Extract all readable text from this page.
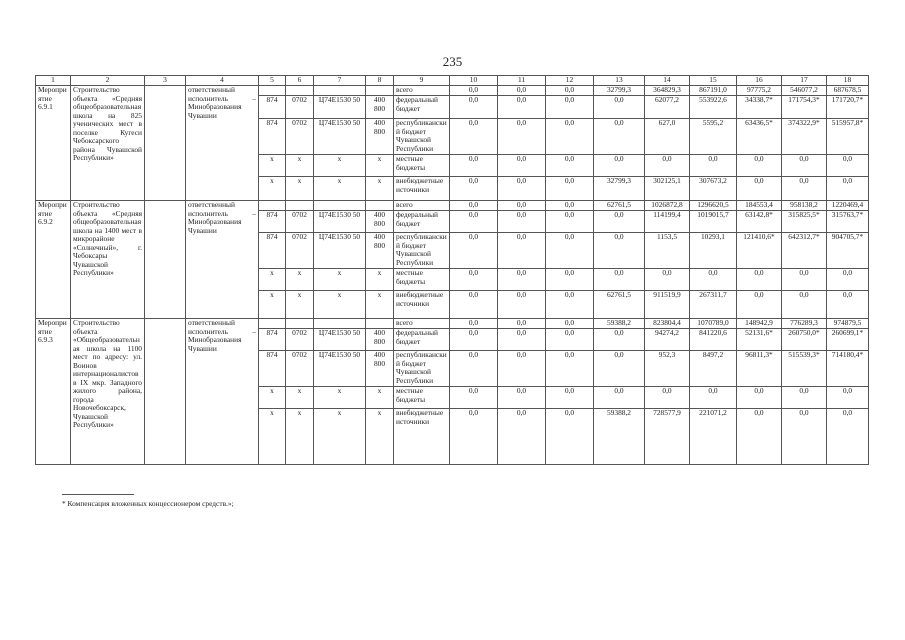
235
1	2	3	4	5	6	7	8	9	10	11	12	13	14	15	16	17	18
Мероприятие 6.9.1	Строительство объекта «Средняя общеобразовательная школа на 825 ученических мест в поселке Кугеси Чебоксарского района Чувашской Республики»		ответственный исполнитель – Минобразования Чувашии					всего	0,0	0,0	0,0	32799,3	364829,3	867191,0	97775,2	546077,2	687678,5
				874	0702	Ц74Е1530 50	400 800	федеральный бюджет	0,0	0,0	0,0	0,0	62077,2	553922,6	34338,7*	171754,3*	171720,7*
				874	0702	Ц74Е1530 50	400 800	республиканский бюджет Чувашской Республики	0,0	0,0	0,0	0,0	627,0	5595,2	63436,5*	374322,9*	515957,8*
				х	х	х	х	местные бюджеты	0,0	0,0	0,0	0,0	0,0	0,0	0,0	0,0	0,0
				х	х	х	х	внебюджетные источники	0,0	0,0	0,0	32799,3	302125,1	307673,2	0,0	0,0	0,0
Мероприятие 6.9.2	Строительство объекта «Средняя общеобразовательная школа на 1400 мест в микрорайоне «Солнечный», г. Чебоксары Чувашской Республики»		ответственный исполнитель – Минобразования Чувашии					всего	0,0	0,0	0,0	62761,5	1026872,8	1296620,5	184553,4	958138,2	1220469,4
				874	0702	Ц74Е1530 50	400 800	федеральный бюджет	0,0	0,0	0,0	0,0	114199,4	1019015,7	63142,8*	315825,5*	315763,7*
				874	0702	Ц74Е1530 50	400 800	республиканский бюджет Чувашской Республики	0,0	0,0	0,0	0,0	1153,5	10293,1	121410,6*	642312,7*	904705,7*
				х	х	х	х	местные бюджеты	0,0	0,0	0,0	0,0	0,0	0,0	0,0	0,0	0,0
				х	х	х	х	внебюджетные источники	0,0	0,0	0,0	62761,5	911519,9	267311,7	0,0	0,0	0,0
Мероприятие 6.9.3	Строительство объекта «Общеобразовательная школа на 1100 мест по адресу: ул. Воинов интернационалистов в IX мкр. Западного жилого района, города Новочебоксарск, Чувашской Республики»		ответственный исполнитель – Минобразования Чувашии					всего	0,0	0,0	0,0	59388,2	823804,4	1070789,0	148942,9	776289,3	974879,5
				874	0702	Ц74Е1530 50	400 800	федеральный бюджет	0,0	0,0	0,0	0,0	94274,2	841220,6	52131,6*	260750,0*	260699,1*
				874	0702	Ц74Е1530 50	400 800	республиканский бюджет Чувашской Республики	0,0	0,0	0,0	0,0	952,3	8497,2	96811,3*	515539,3*	714180,4*
				х	х	х	х	местные бюджеты	0,0	0,0	0,0	0,0	0,0	0,0	0,0	0,0	0,0
				х	х	х	х	внебюджетные источники	0,0	0,0	0,0	59388,2	728577,9	221071,2	0,0	0,0	0,0
* Компенсация вложенных концессионером средств.»;
